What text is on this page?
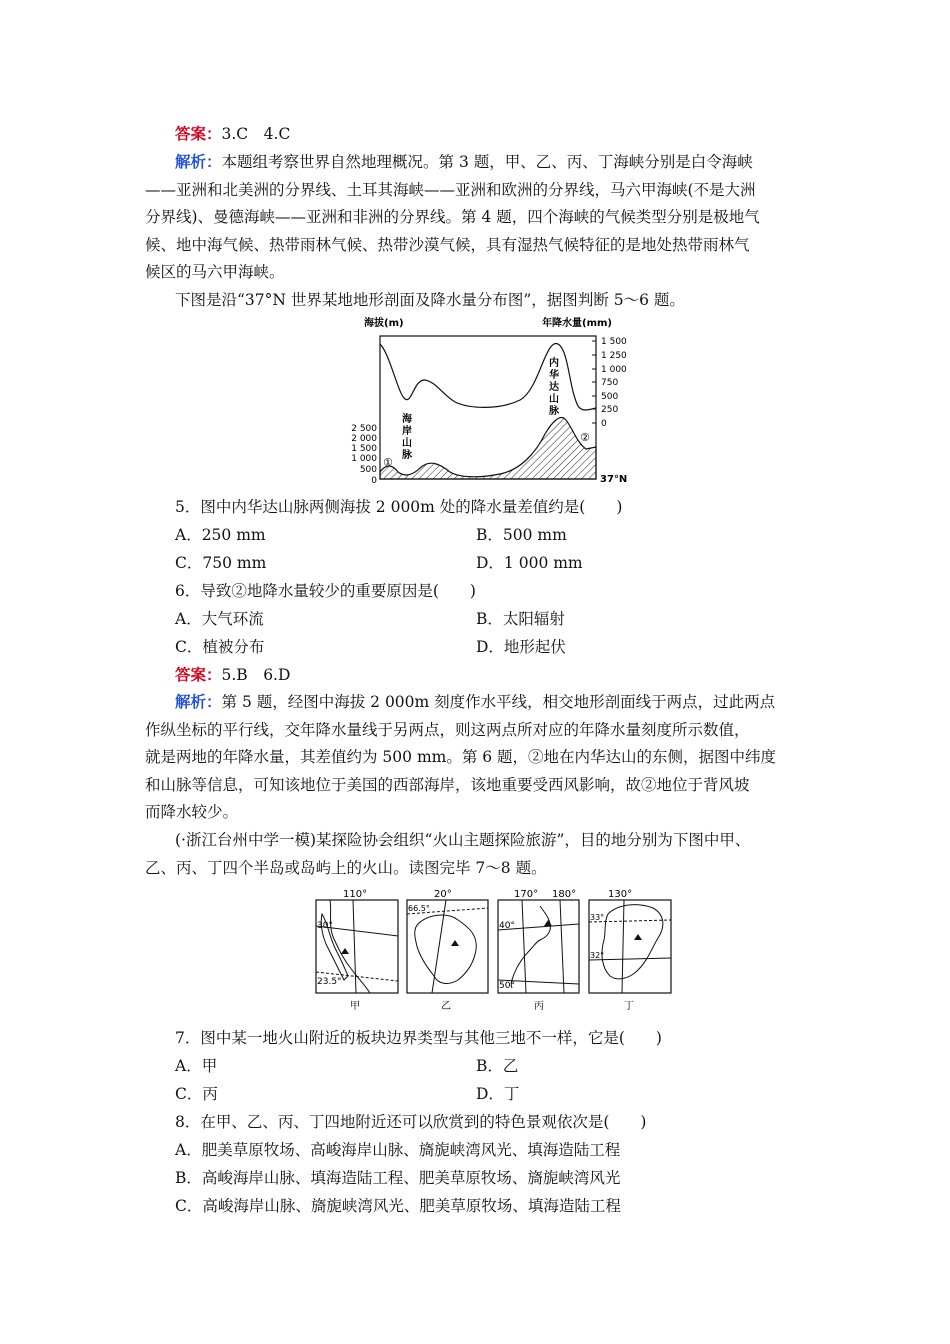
答案：3.C　4.C
解析：本题组考察世界自然地理概况。第 3 题，甲、乙、丙、丁海峡分别是白令海峡
——亚洲和北美洲的分界线、土耳其海峡——亚洲和欧洲的分界线，马六甲海峡(不是大洲
分界线)、曼德海峡——亚洲和非洲的分界线。第 4 题，四个海峡的气候类型分别是极地气
候、地中海气候、热带雨林气候、热带沙漠气候，具有湿热气候特征的是地处热带雨林气
候区的马六甲海峡。
下图是沿“37°N 世界某地地形剖面及降水量分布图”，据图判断 5～6 题。
海拔(m)	年降水量(mm)
2 500
2 000
1 500
1 000
500
0
1 500
1 250
1 000
750
500
250
0
海
岸
山
脉
内
华
达
山
脉
①
②
37°N
5．图中内华达山脉两侧海拔 2 000m 处的降水量差值约是(　　)
A．250 mm	B．500 mm
C．750 mm	D．1 000 mm
6．导致②地降水量较少的重要原因是(　　)
A．大气环流	B．太阳辐射
C．植被分布	D．地形起伏
答案：5.B　6.D
解析：第 5 题，经图中海拔 2 000m 刻度作水平线，相交地形剖面线于两点，过此两点
作纵坐标的平行线，交年降水量线于另两点，则这两点所对应的年降水量刻度所示数值，
就是两地的年降水量，其差值约为 500 mm。第 6 题，②地在内华达山的东侧，据图中纬度
和山脉等信息，可知该地位于美国的西部海岸，该地重要受西风影响，故②地位于背风坡
而降水较少。
(·浙江台州中学一模)某探险协会组织“火山主题探险旅游”，目的地分别为下图中甲、
乙、丙、丁四个半岛或岛屿上的火山。读图完毕 7～8 题。
110°
30°
23.5°
甲
20°
66.5°
乙
170° 180°
40°
50°
丙
130°
33°
32°
丁
7．图中某一地火山附近的板块边界类型与其他三地不一样，它是(　　)
A．甲	B．乙
C．丙	D．丁
8．在甲、乙、丙、丁四地附近还可以欣赏到的特色景观依次是(　　)
A．肥美草原牧场、高峻海岸山脉、旖旎峡湾风光、填海造陆工程
B．高峻海岸山脉、填海造陆工程、肥美草原牧场、旖旎峡湾风光
C．高峻海岸山脉、旖旎峡湾风光、肥美草原牧场、填海造陆工程
